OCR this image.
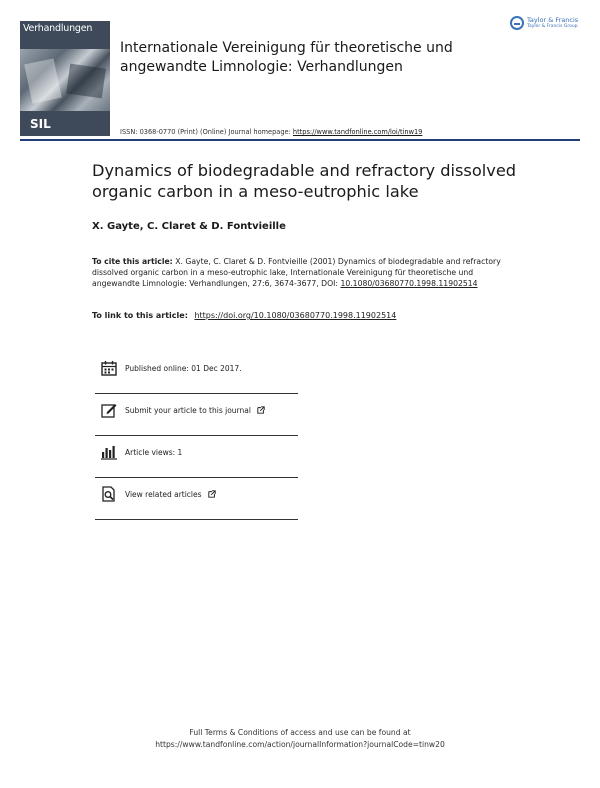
Verhandlungen
SIL
Internationale Vereinigung für theoretische und angewandte Limnologie: Verhandlungen
ISSN: 0368-0770 (Print) (Online) Journal homepage: https://www.tandfonline.com/loi/tinw19
Taylor & Francis
Taylor & Francis Group
Dynamics of biodegradable and refractory dissolved organic carbon in a meso-eutrophic lake
X. Gayte, C. Claret & D. Fontvieille
To cite this article: X. Gayte, C. Claret & D. Fontvieille (2001) Dynamics of biodegradable and refractory dissolved organic carbon in a meso-eutrophic lake, Internationale Vereinigung für theoretische und angewandte Limnologie: Verhandlungen, 27:6, 3674-3677, DOI: 10.1080/03680770.1998.11902514
To link to this article: https://doi.org/10.1080/03680770.1998.11902514
Published online: 01 Dec 2017.
Submit your article to this journal
Article views: 1
View related articles
Full Terms & Conditions of access and use can be found at
https://www.tandfonline.com/action/journalInformation?journalCode=tinw20
